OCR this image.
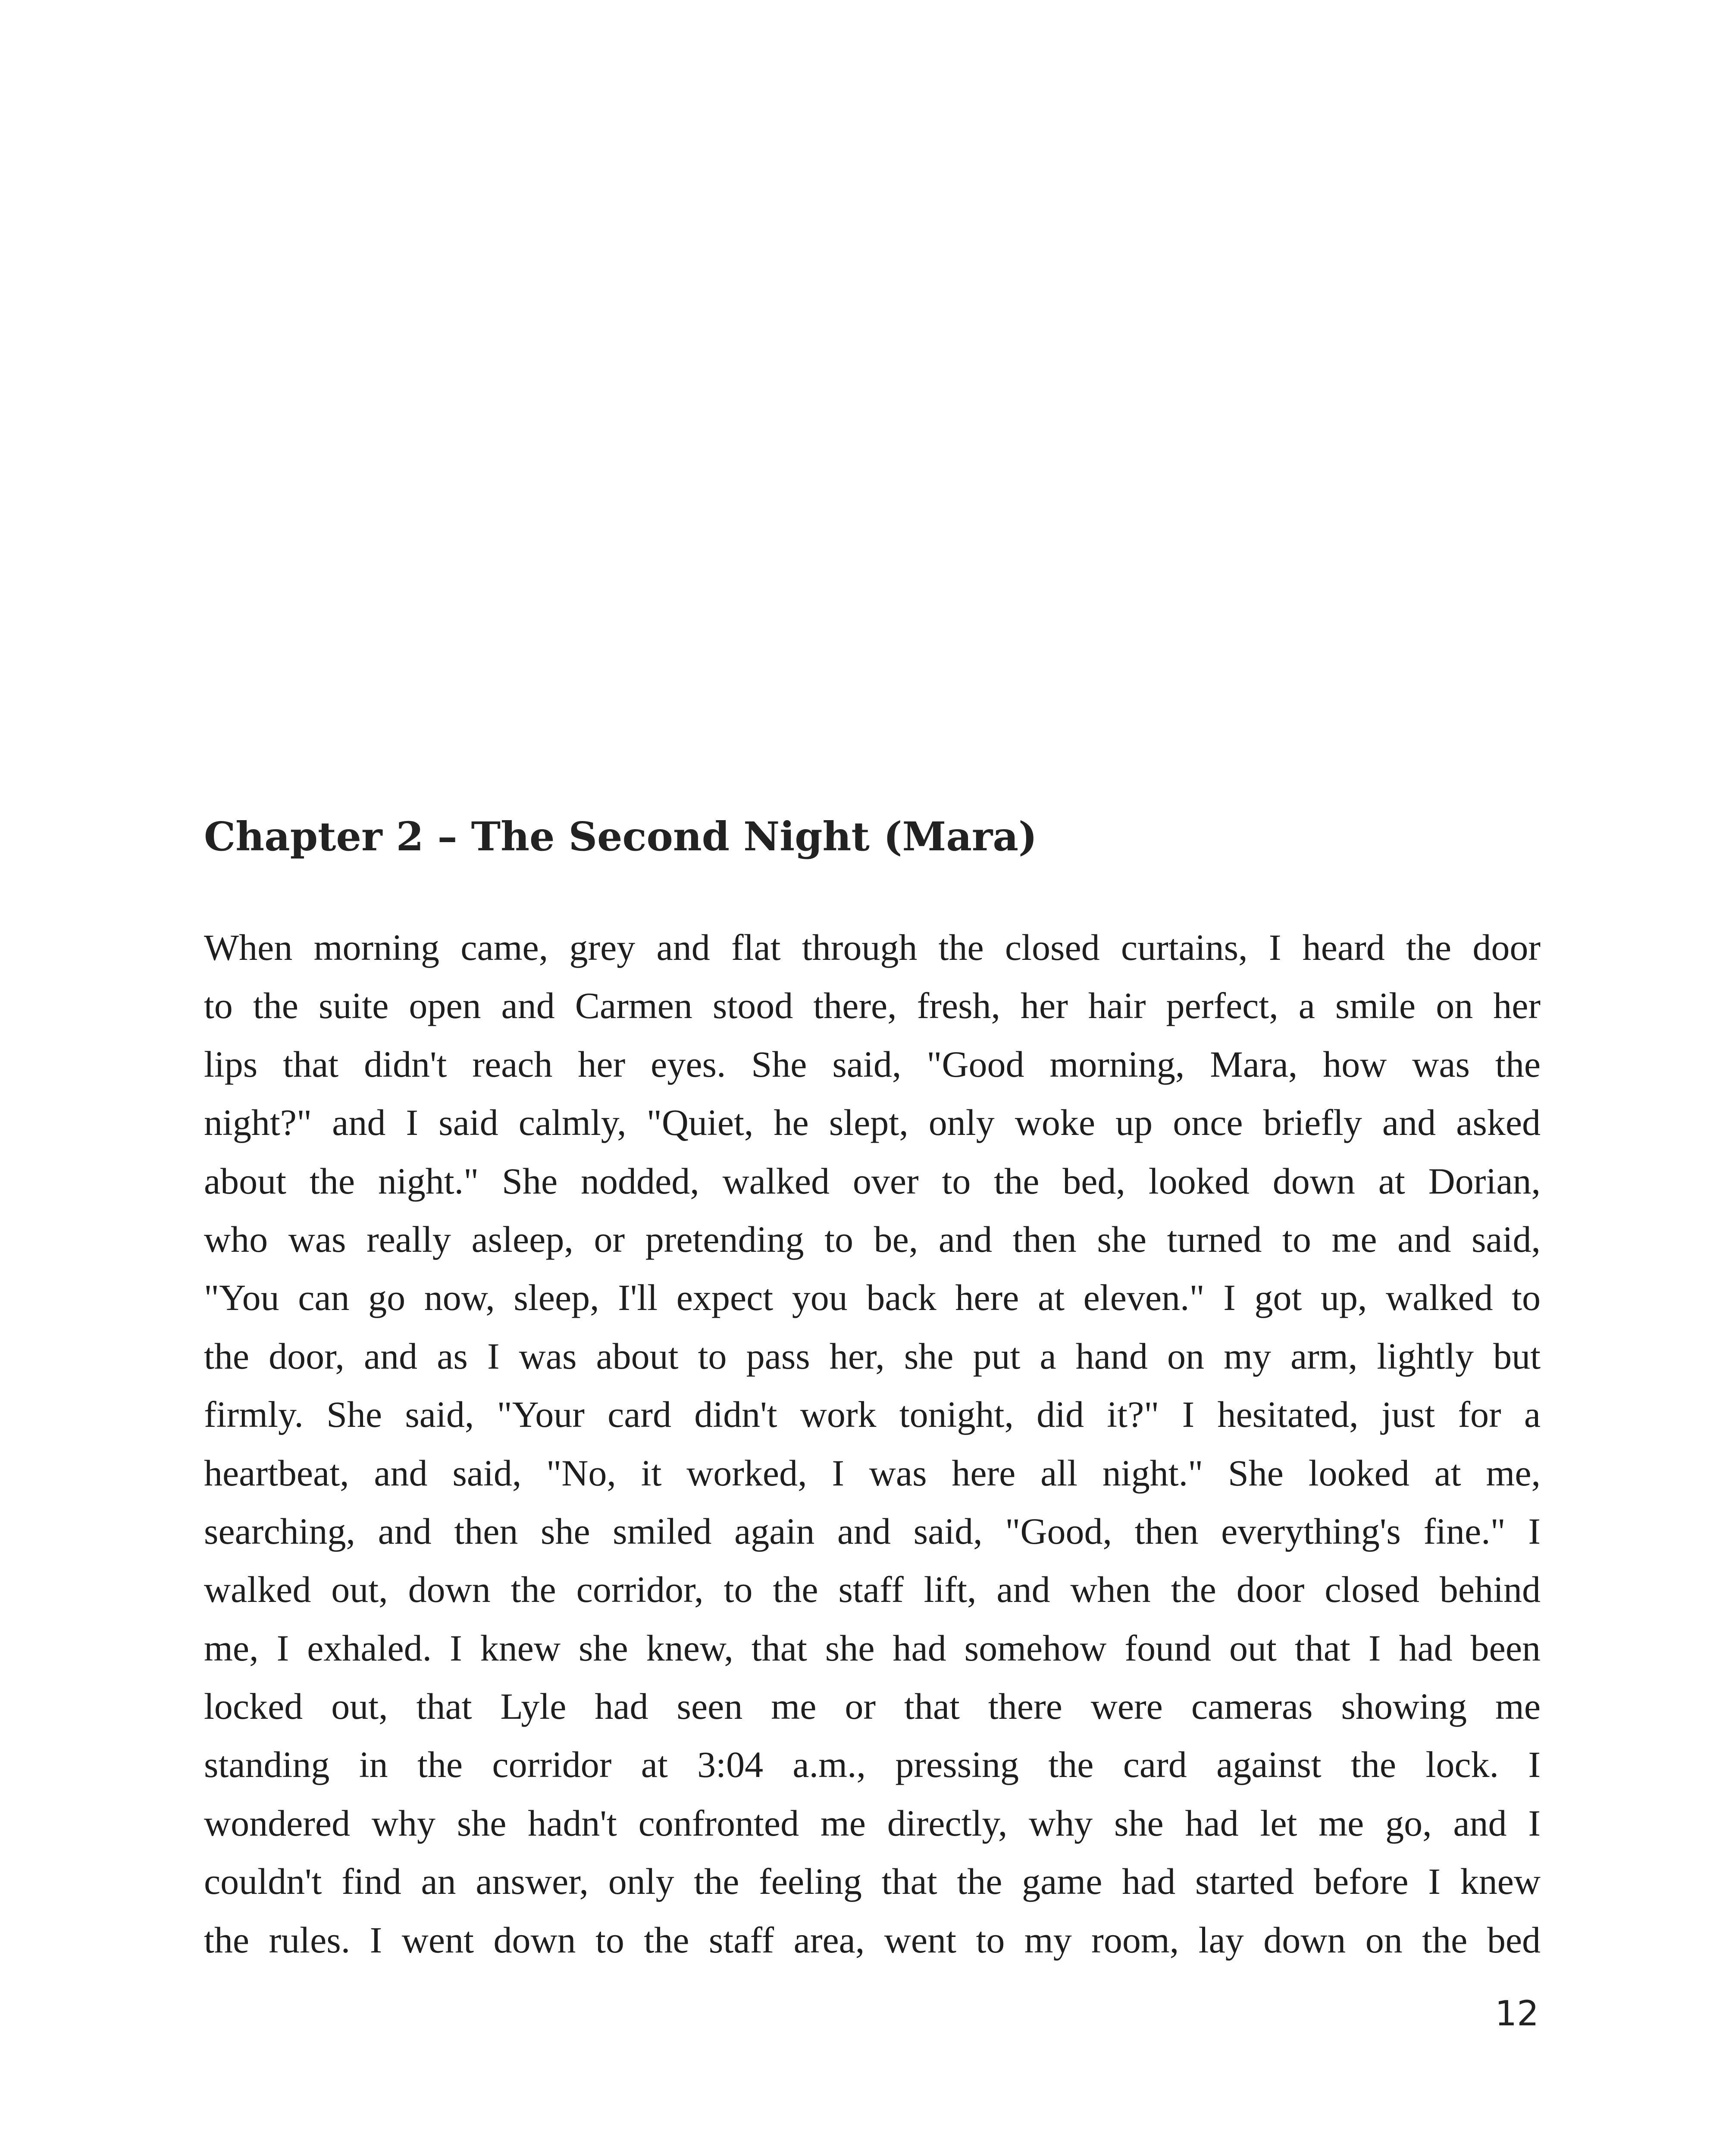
Chapter 2 – The Second Night (Mara)
When morning came, grey and flat through the closed curtains, I heard the door
to the suite open and Carmen stood there, fresh, her hair perfect, a smile on her
lips that didn't reach her eyes. She said, "Good morning, Mara, how was the
night?" and I said calmly, "Quiet, he slept, only woke up once briefly and asked
about the night." She nodded, walked over to the bed, looked down at Dorian,
who was really asleep, or pretending to be, and then she turned to me and said,
"You can go now, sleep, I'll expect you back here at eleven." I got up, walked to
the door, and as I was about to pass her, she put a hand on my arm, lightly but
firmly. She said, "Your card didn't work tonight, did it?" I hesitated, just for a
heartbeat, and said, "No, it worked, I was here all night." She looked at me,
searching, and then she smiled again and said, "Good, then everything's fine." I
walked out, down the corridor, to the staff lift, and when the door closed behind
me, I exhaled. I knew she knew, that she had somehow found out that I had been
locked out, that Lyle had seen me or that there were cameras showing me
standing in the corridor at 3:04 a.m., pressing the card against the lock. I
wondered why she hadn't confronted me directly, why she had let me go, and I
couldn't find an answer, only the feeling that the game had started before I knew
the rules. I went down to the staff area, went to my room, lay down on the bed
12
